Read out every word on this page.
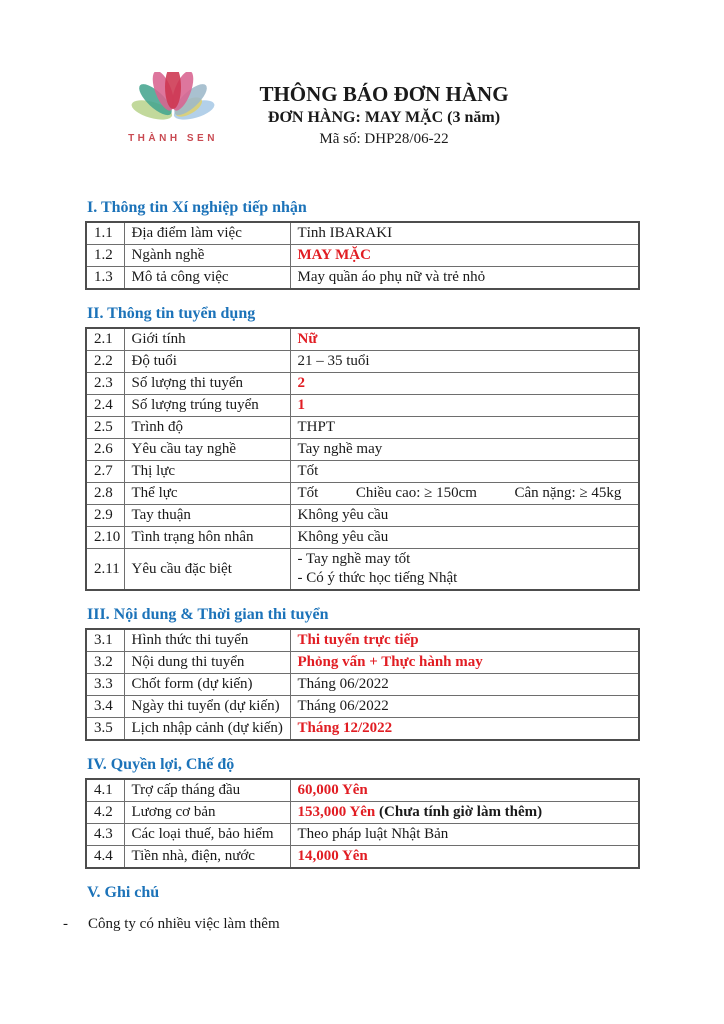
THÀNH SEN
THÔNG BÁO ĐƠN HÀNG
ĐƠN HÀNG: MAY MẶC (3 năm)
Mã số: DHP28/06-22
I. Thông tin Xí nghiệp tiếp nhận
1.1	Địa điểm làm việc	Tỉnh IBARAKI

1.2	Ngành nghề	MAY MẶC

1.3	Mô tả công việc	May quần áo phụ nữ và trẻ nhỏ
II. Thông tin tuyển dụng
2.1	Giới tính	Nữ

2.2	Độ tuổi	21 – 35 tuổi

2.3	Số lượng thi tuyển	2

2.4	Số lượng trúng tuyển	1

2.5	Trình độ	THPT

2.6	Yêu cầu tay nghề	Tay nghề may

2.7	Thị lực	Tốt

2.8	Thể lực	Tốt          Chiều cao: ≥ 150cm          Cân nặng: ≥ 45kg

2.9	Tay thuận	Không yêu cầu

2.10	Tình trạng hôn nhân	Không yêu cầu

2.11	Yêu cầu đặc biệt	- Tay nghề may tốt
- Có ý thức học tiếng Nhật
III. Nội dung & Thời gian thi tuyển
3.1	Hình thức thi tuyển	Thi tuyển trực tiếp

3.2	Nội dung thi tuyển	Phỏng vấn + Thực hành may

3.3	Chốt form (dự kiến)	Tháng 06/2022

3.4	Ngày thi tuyển (dự kiến)	Tháng 06/2022

3.5	Lịch nhập cảnh (dự kiến)	Tháng 12/2022
IV. Quyền lợi, Chế độ
4.1	Trợ cấp tháng đầu	60,000 Yên

4.2	Lương cơ bản	153,000 Yên (Chưa tính giờ làm thêm)

4.3	Các loại thuế, bảo hiểm	Theo pháp luật Nhật Bản

4.4	Tiền nhà, điện, nước	14,000 Yên
V. Ghi chú
-	Công ty có nhiều việc làm thêm
